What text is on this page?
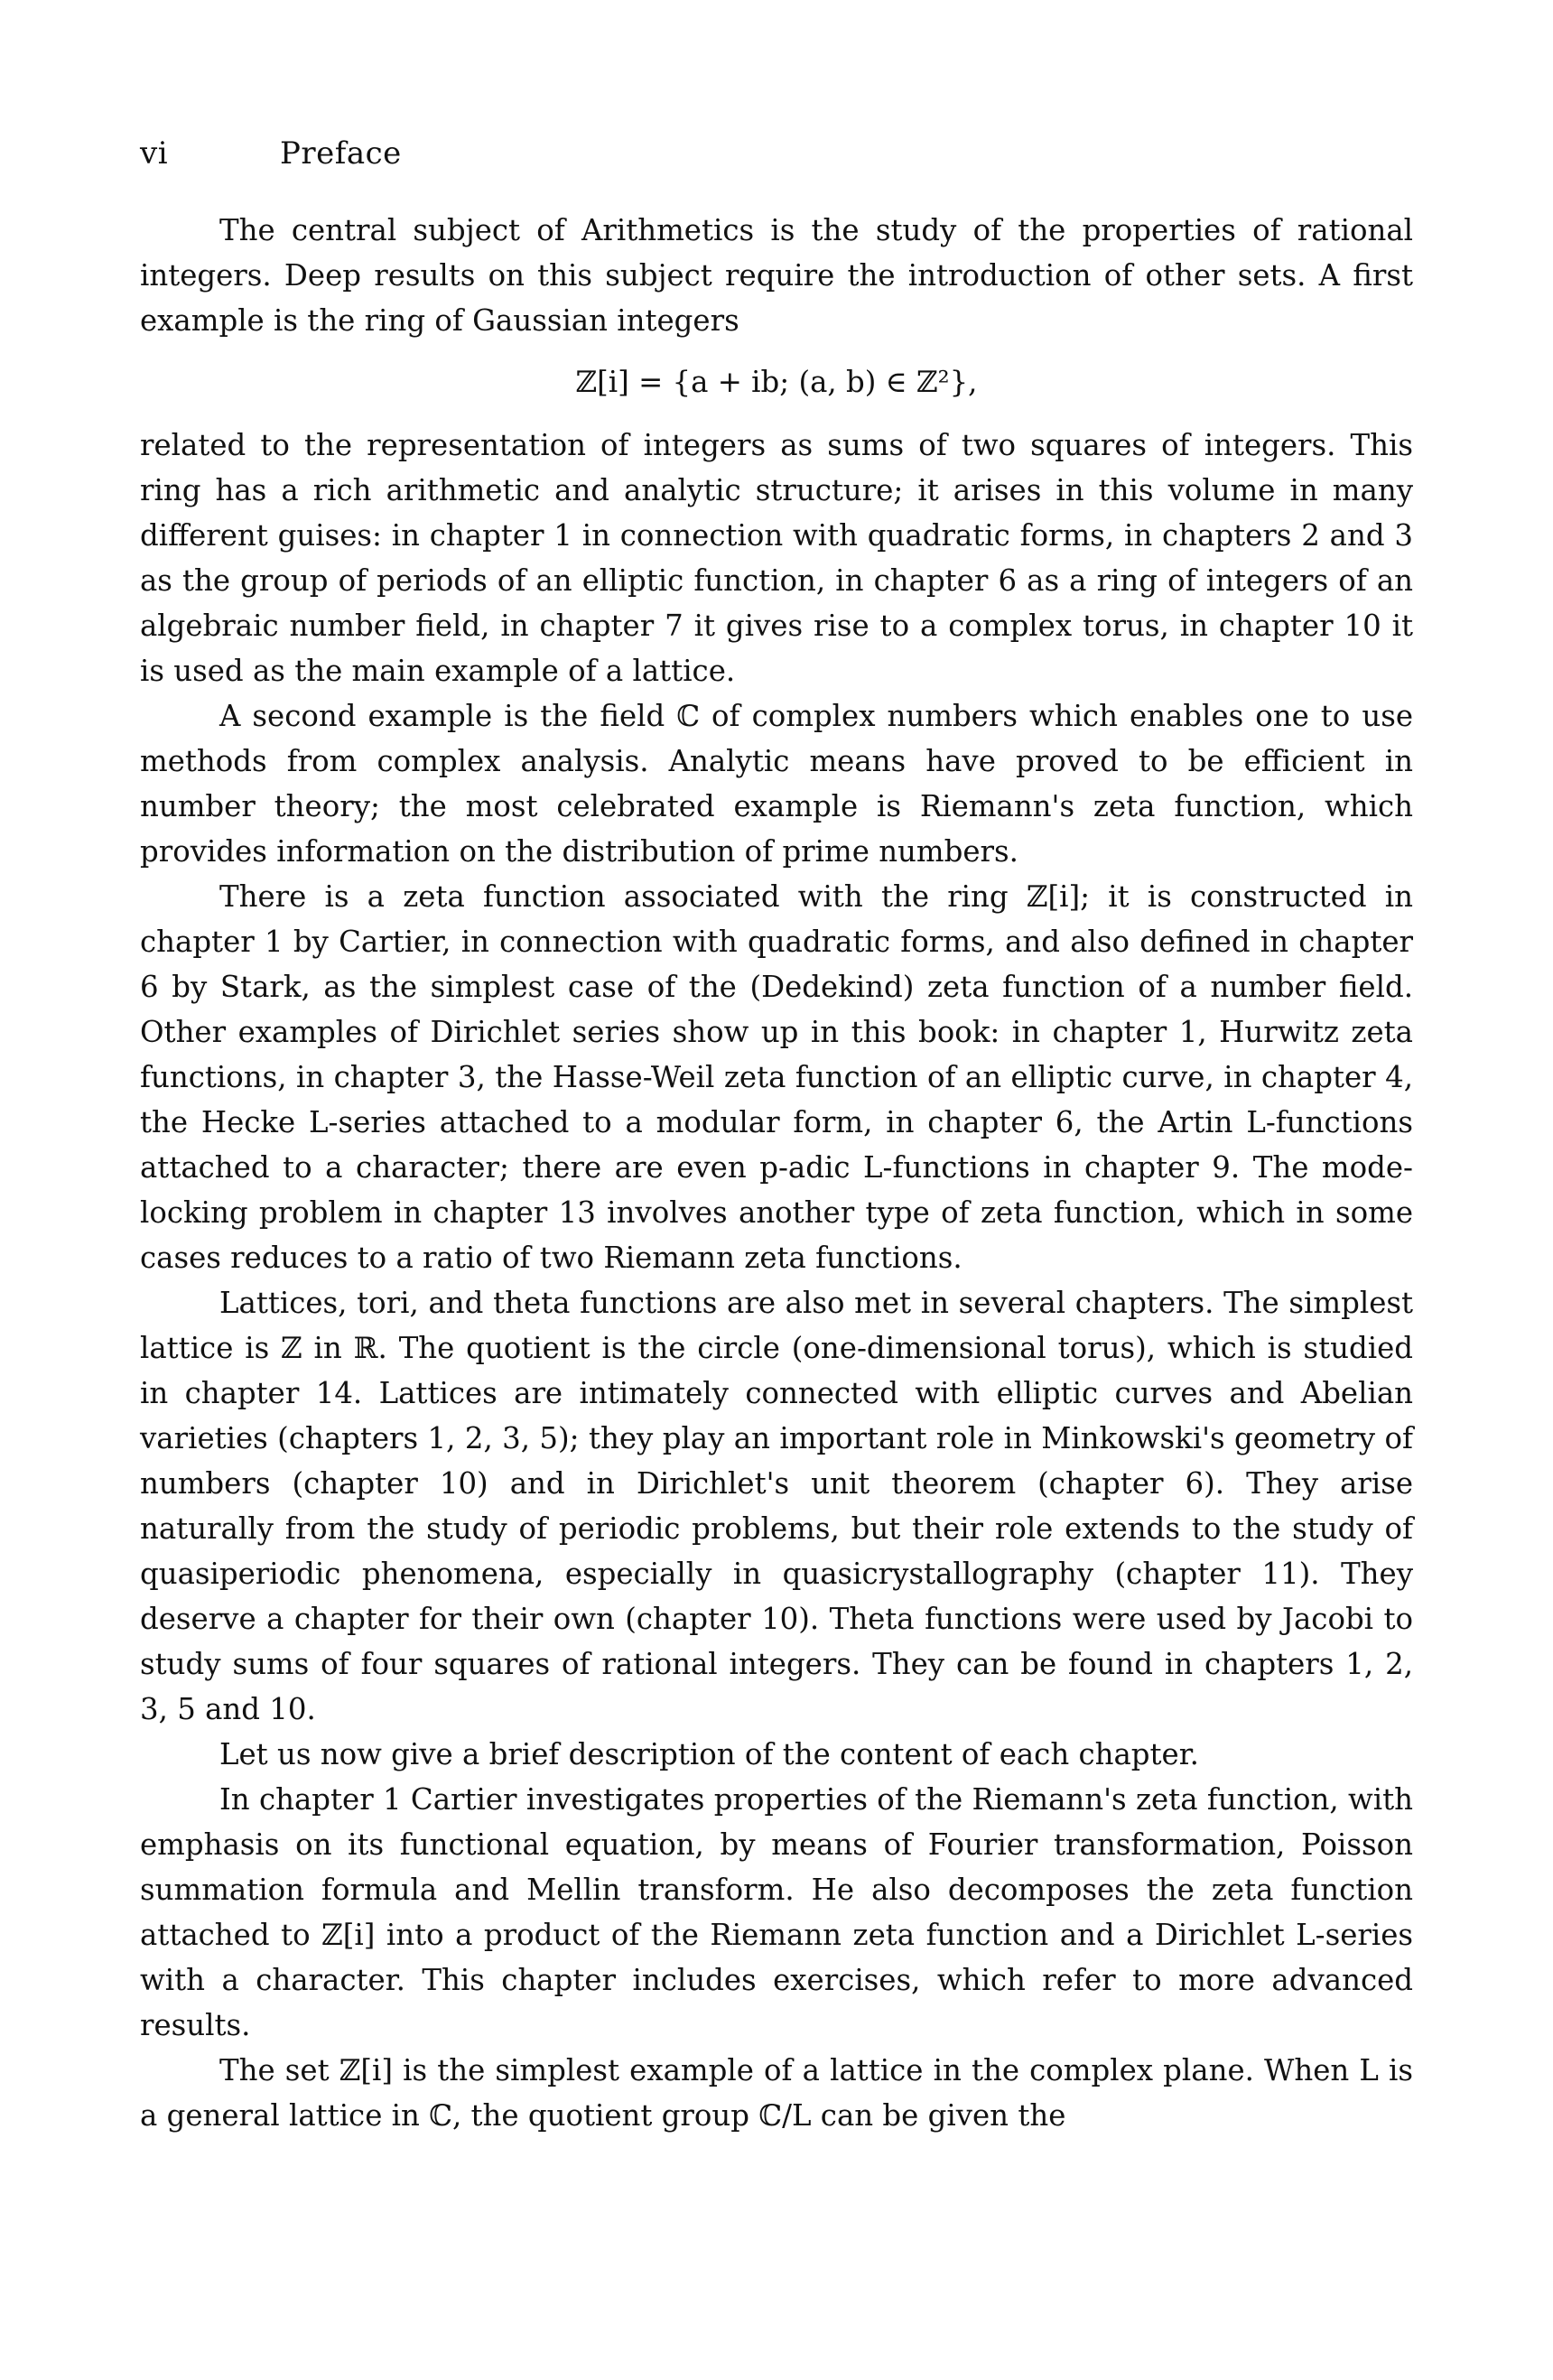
vi	Preface

The central subject of Arithmetics is the study of the properties of rational integers. Deep results on this subject require the introduction of other sets. A first example is the ring of Gaussian integers

ℤ[i] = {a + ib; (a, b) ∈ ℤ²},

related to the representation of integers as sums of two squares of integers. This ring has a rich arithmetic and analytic structure; it arises in this volume in many different guises: in chapter 1 in connection with quadratic forms, in chapters 2 and 3 as the group of periods of an elliptic function, in chapter 6 as a ring of integers of an algebraic number field, in chapter 7 it gives rise to a complex torus, in chapter 10 it is used as the main example of a lattice.

A second example is the field ℂ of complex numbers which enables one to use methods from complex analysis. Analytic means have proved to be efficient in number theory; the most celebrated example is Riemann's zeta function, which provides information on the distribution of prime numbers.

There is a zeta function associated with the ring ℤ[i]; it is constructed in chapter 1 by Cartier, in connection with quadratic forms, and also defined in chapter 6 by Stark, as the simplest case of the (Dedekind) zeta function of a number field. Other examples of Dirichlet series show up in this book: in chapter 1, Hurwitz zeta functions, in chapter 3, the Hasse-Weil zeta function of an elliptic curve, in chapter 4, the Hecke L-series attached to a modular form, in chapter 6, the Artin L-functions attached to a character; there are even p-adic L-functions in chapter 9. The mode-locking problem in chapter 13 involves another type of zeta function, which in some cases reduces to a ratio of two Riemann zeta functions.

Lattices, tori, and theta functions are also met in several chapters. The simplest lattice is ℤ in ℝ. The quotient is the circle (one-dimensional torus), which is studied in chapter 14. Lattices are intimately connected with elliptic curves and Abelian varieties (chapters 1, 2, 3, 5); they play an important role in Minkowski's geometry of numbers (chapter 10) and in Dirichlet's unit theorem (chapter 6). They arise naturally from the study of periodic problems, but their role extends to the study of quasiperiodic phenomena, especially in quasicrystallography (chapter 11). They deserve a chapter for their own (chapter 10). Theta functions were used by Jacobi to study sums of four squares of rational integers. They can be found in chapters 1, 2, 3, 5 and 10.

Let us now give a brief description of the content of each chapter.

In chapter 1 Cartier investigates properties of the Riemann's zeta function, with emphasis on its functional equation, by means of Fourier transformation, Poisson summation formula and Mellin transform. He also decomposes the zeta function attached to ℤ[i] into a product of the Riemann zeta function and a Dirichlet L-series with a character. This chapter includes exercises, which refer to more advanced results.

The set ℤ[i] is the simplest example of a lattice in the complex plane. When L is a general lattice in ℂ, the quotient group ℂ/L can be given the
